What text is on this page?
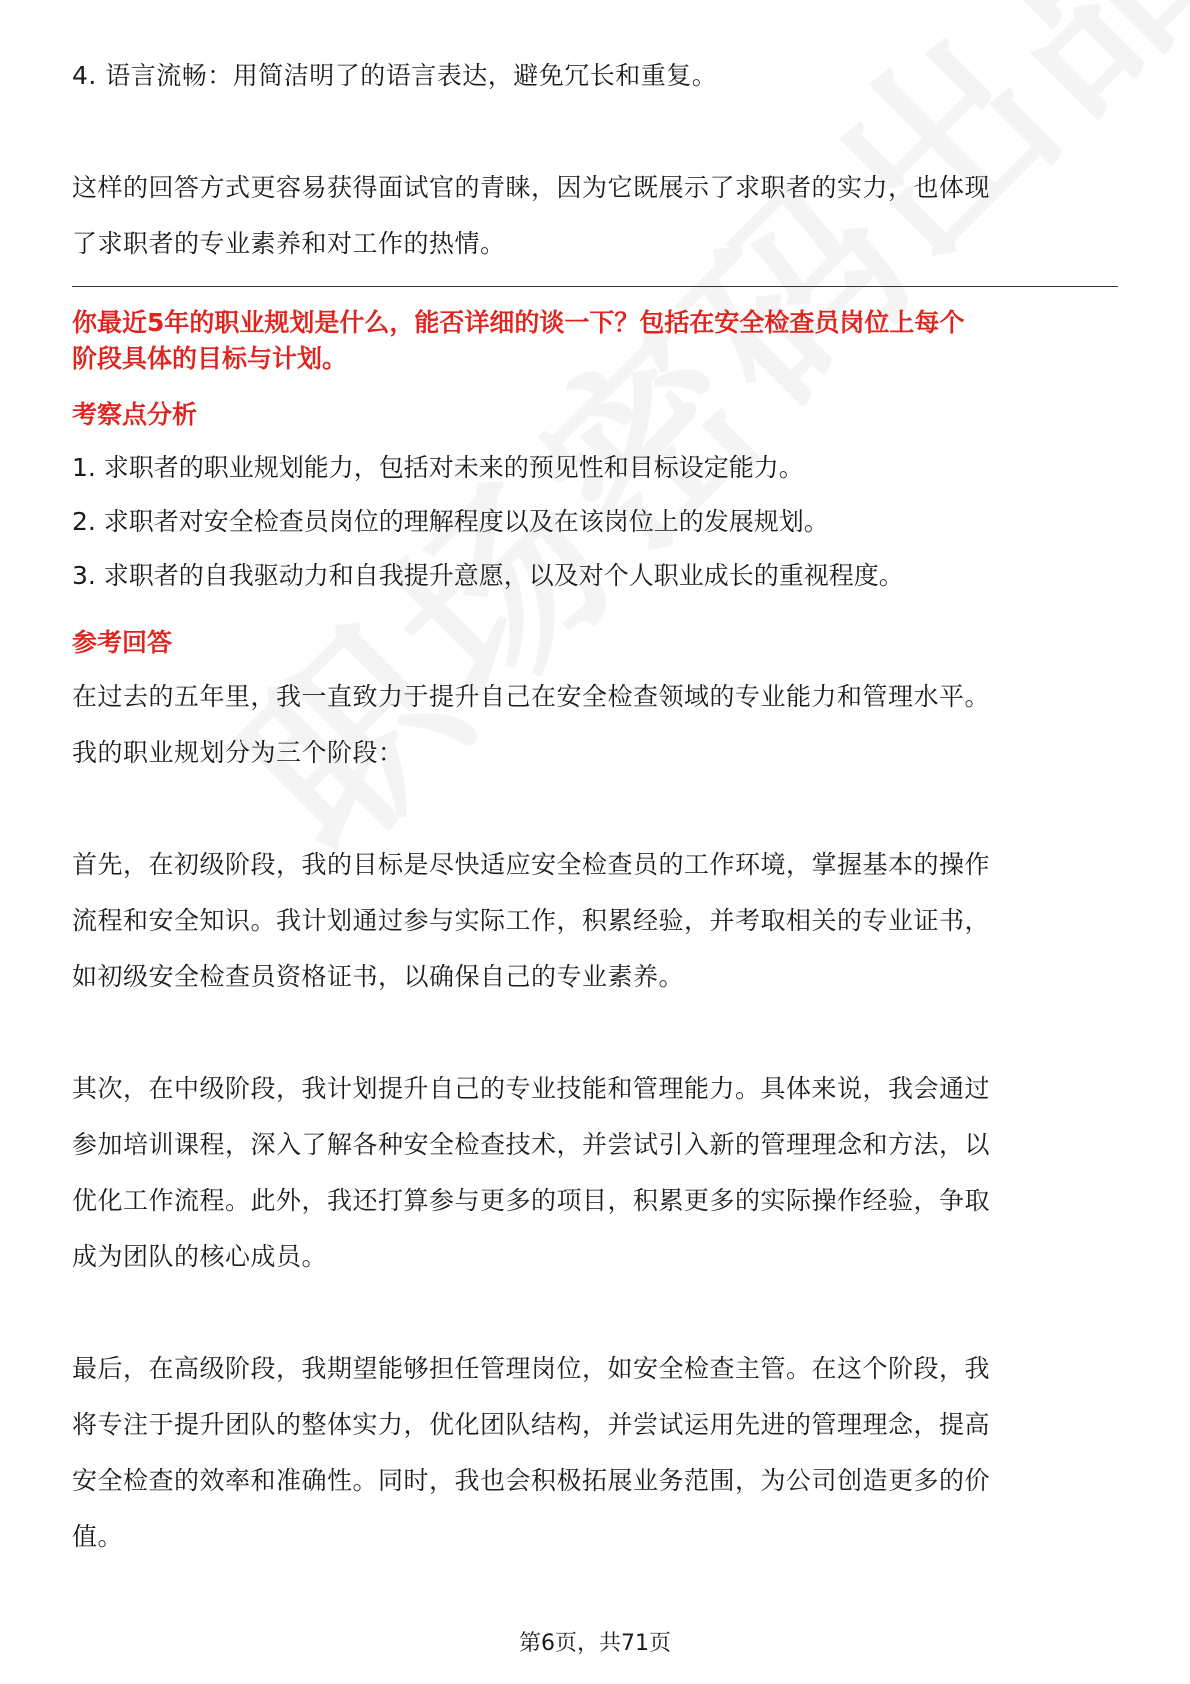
4. 语言流畅：用简洁明了的语言表达，避免冗长和重复。

这样的回答方式更容易获得面试官的青睐，因为它既展示了求职者的实力，也体现

了求职者的专业素养和对工作的热情。

你最近5年的职业规划是什么，能否详细的谈一下？包括在安全检查员岗位上每个

阶段具体的目标与计划。

考察点分析

1. 求职者的职业规划能力，包括对未来的预见性和目标设定能力。

2. 求职者对安全检查员岗位的理解程度以及在该岗位上的发展规划。

3. 求职者的自我驱动力和自我提升意愿，以及对个人职业成长的重视程度。

参考回答

在过去的五年里，我一直致力于提升自己在安全检查领域的专业能力和管理水平。

我的职业规划分为三个阶段：

首先，在初级阶段，我的目标是尽快适应安全检查员的工作环境，掌握基本的操作

流程和安全知识。我计划通过参与实际工作，积累经验，并考取相关的专业证书，

如初级安全检查员资格证书，以确保自己的专业素养。

其次，在中级阶段，我计划提升自己的专业技能和管理能力。具体来说，我会通过

参加培训课程，深入了解各种安全检查技术，并尝试引入新的管理理念和方法，以

优化工作流程。此外，我还打算参与更多的项目，积累更多的实际操作经验，争取

成为团队的核心成员。

最后，在高级阶段，我期望能够担任管理岗位，如安全检查主管。在这个阶段，我

将专注于提升团队的整体实力，优化团队结构，并尝试运用先进的管理理念，提高

安全检查的效率和准确性。同时，我也会积极拓展业务范围，为公司创造更多的价

值。

第6页，共71页
